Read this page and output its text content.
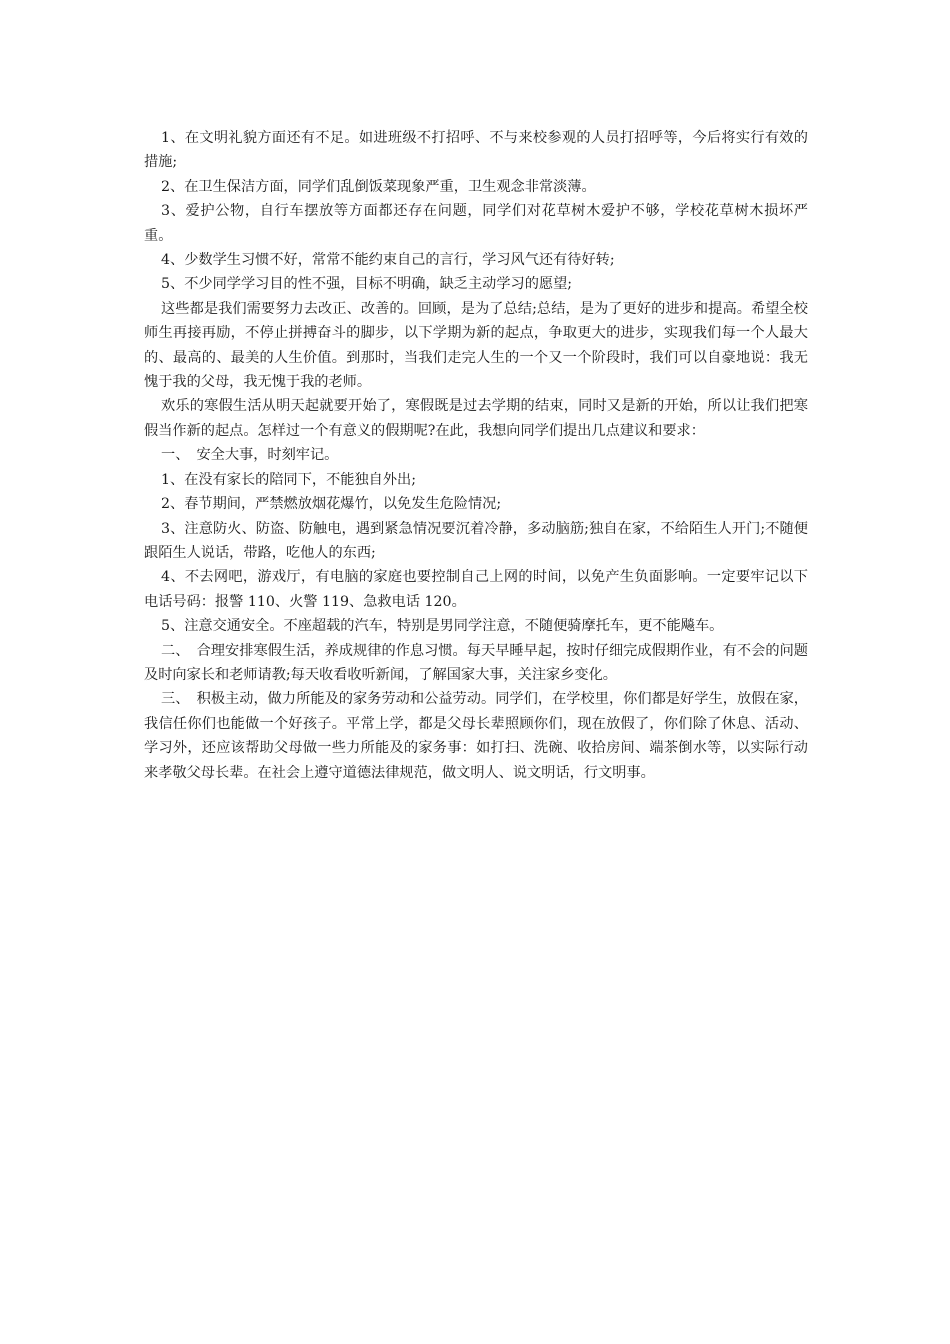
1、在文明礼貌方面还有不足。如进班级不打招呼、不与来校参观的人员打招呼等，今后将实行有效的措施;

2、在卫生保洁方面，同学们乱倒饭菜现象严重，卫生观念非常淡薄。

3、爱护公物，自行车摆放等方面都还存在问题，同学们对花草树木爱护不够，学校花草树木损坏严重。

4、少数学生习惯不好，常常不能约束自己的言行，学习风气还有待好转;

5、不少同学学习目的性不强，目标不明确，缺乏主动学习的愿望;

这些都是我们需要努力去改正、改善的。回顾，是为了总结;总结，是为了更好的进步和提高。希望全校师生再接再励，不停止拼搏奋斗的脚步，以下学期为新的起点，争取更大的进步，实现我们每一个人最大的、最高的、最美的人生价值。到那时，当我们走完人生的一个又一个阶段时，我们可以自豪地说：我无愧于我的父母，我无愧于我的老师。

欢乐的寒假生活从明天起就要开始了，寒假既是过去学期的结束，同时又是新的开始，所以让我们把寒假当作新的起点。怎样过一个有意义的假期呢?在此，我想向同学们提出几点建议和要求：

一、　安全大事，时刻牢记。

1、在没有家长的陪同下，不能独自外出;

2、春节期间，严禁燃放烟花爆竹，以免发生危险情况;

3、注意防火、防盗、防触电，遇到紧急情况要沉着冷静，多动脑筋;独自在家，不给陌生人开门;不随便跟陌生人说话，带路，吃他人的东西;

4、不去网吧，游戏厅，有电脑的家庭也要控制自己上网的时间，以免产生负面影响。一定要牢记以下电话号码：报警 110、火警 119、急救电话 120。

5、注意交通安全。不座超载的汽车，特别是男同学注意，不随便骑摩托车，更不能飚车。

二、　合理安排寒假生活，养成规律的作息习惯。每天早睡早起，按时仔细完成假期作业，有不会的问题及时向家长和老师请教;每天收看收听新闻，了解国家大事，关注家乡变化。

三、　积极主动，做力所能及的家务劳动和公益劳动。同学们，在学校里，你们都是好学生，放假在家，我信任你们也能做一个好孩子。平常上学，都是父母长辈照顾你们，现在放假了，你们除了休息、活动、学习外，还应该帮助父母做一些力所能及的家务事：如打扫、洗碗、收拾房间、端茶倒水等，以实际行动来孝敬父母长辈。在社会上遵守道德法律规范，做文明人、说文明话，行文明事。
